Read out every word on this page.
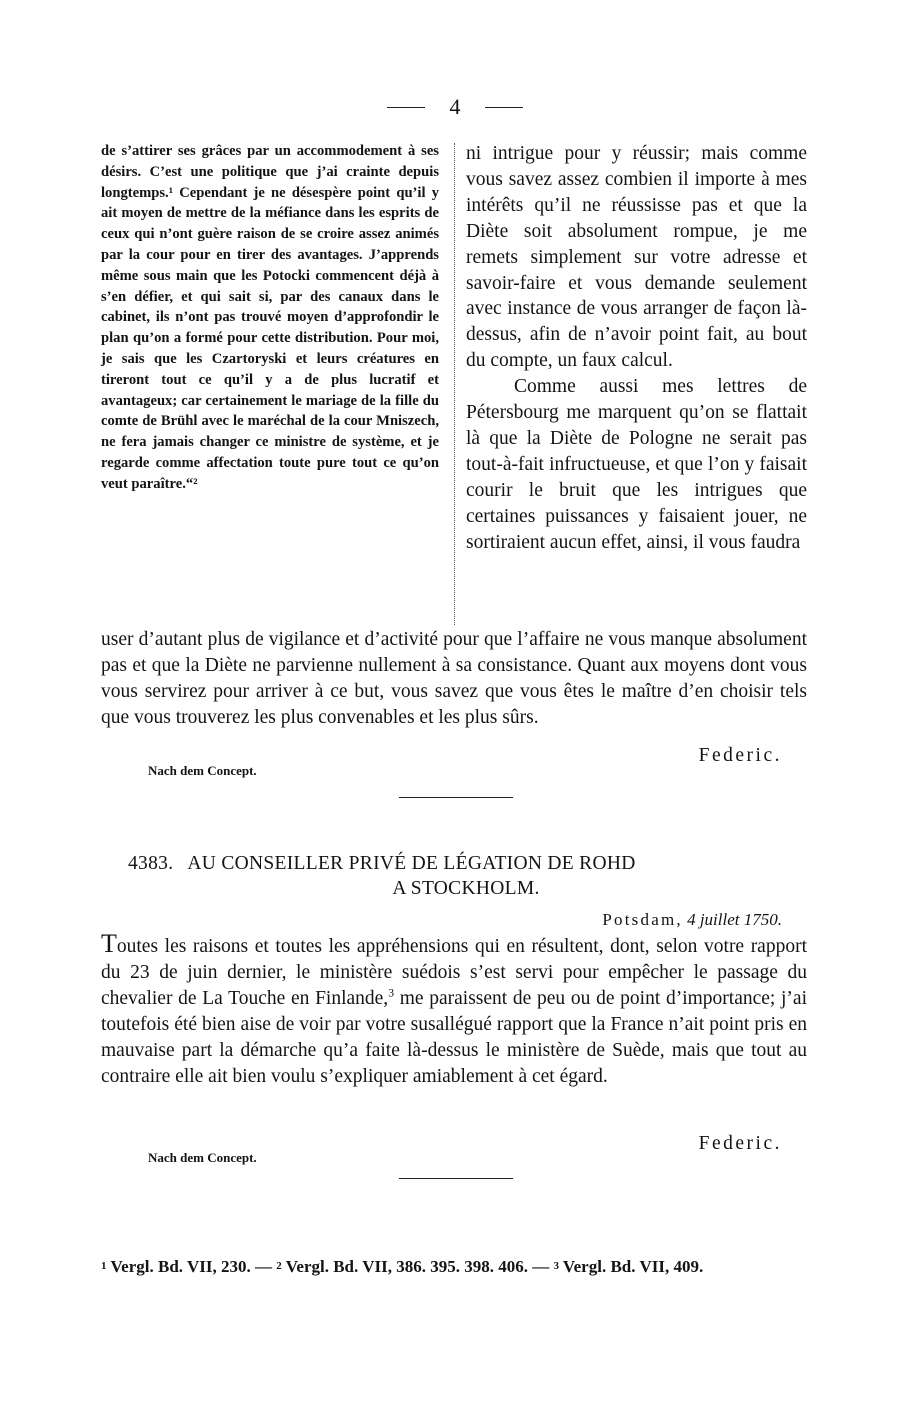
4

de s’attirer ses grâces par un accommodement à ses désirs. C’est une politique que j’ai crainte depuis longtemps.¹ Cependant je ne désespère point qu’il y ait moyen de mettre de la méfiance dans les esprits de ceux qui n’ont guère raison de se croire assez animés par la cour pour en tirer des avantages. J’apprends même sous main que les Potocki commencent déjà à s’en défier, et qui sait si, par des canaux dans le cabinet, ils n’ont pas trouvé moyen d’approfondir le plan qu’on a formé pour cette distribution. Pour moi, je sais que les Czartoryski et leurs créatures en tireront tout ce qu’il y a de plus lucratif et avantageux; car certainement le mariage de la fille du comte de Brühl avec le maréchal de la cour Mniszech, ne fera jamais changer ce ministre de système, et je regarde comme affectation toute pure tout ce qu’on veut paraître.“²

ni intrigue pour y réussir; mais comme vous savez assez combien il importe à mes intérêts qu’il ne réussisse pas et que la Diète soit absolument rompue, je me remets simplement sur votre adresse et savoir-faire et vous demande seulement avec instance de vous arranger de façon là-dessus, afin de n’avoir point fait, au bout du compte, un faux calcul.

Comme aussi mes lettres de Pétersbourg me marquent qu’on se flattait là que la Diète de Pologne ne serait pas tout-à-fait infructueuse, et que l’on y faisait courir le bruit que les intrigues que certaines puissances y faisaient jouer, ne sortiraient aucun effet, ainsi, il vous faudra

user d’autant plus de vigilance et d’activité pour que l’affaire ne vous manque absolument pas et que la Diète ne parvienne nullement à sa consistance. Quant aux moyens dont vous vous servirez pour arriver à ce but, vous savez que vous êtes le maître d’en choisir tels que vous trouverez les plus convenables et les plus sûrs.

Federic.
Nach dem Concept.
4383. AU CONSEILLER PRIVÉ DE LÉGATION DE ROHD
A STOCKHOLM.
Potsdam, 4 juillet 1750.

Toutes les raisons et toutes les appréhensions qui en résultent, dont, selon votre rapport du 23 de juin dernier, le ministère suédois s’est servi pour empêcher le passage du chevalier de La Touche en Finlande,$^3$ me paraissent de peu ou de point d’importance; j’ai toutefois été bien aise de voir par votre susallégué rapport que la France n’ait point pris en mauvaise part la démarche qu’a faite là-dessus le ministère de Suède, mais que tout au contraire elle ait bien voulu s’expliquer amiablement à cet égard.

Federic.
Nach dem Concept.

1 Vergl. Bd. VII, 230. — 2 Vergl. Bd. VII, 386. 395. 398. 406. — 3 Vergl. Bd. VII, 409.
